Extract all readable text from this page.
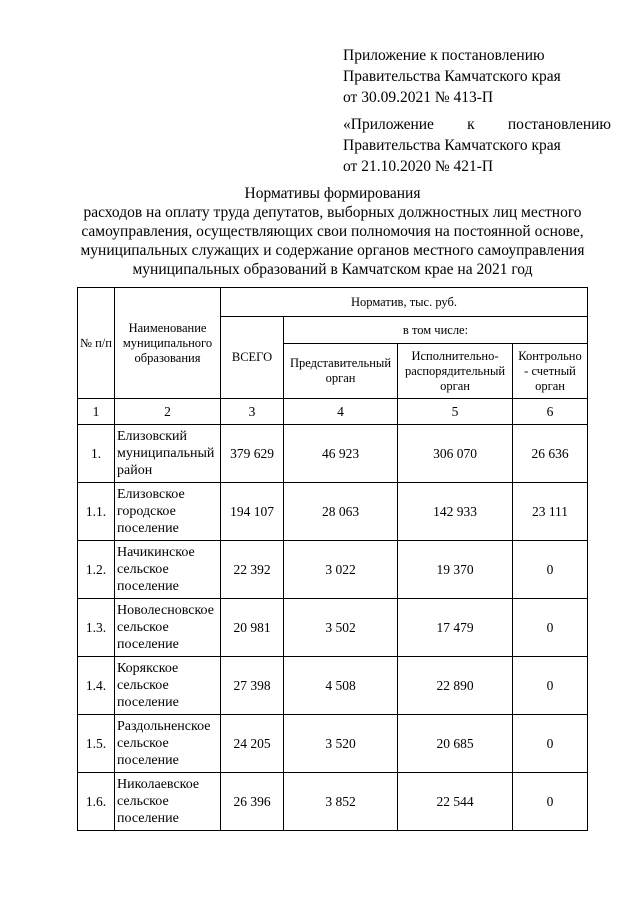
Приложение к постановлению
Правительства Камчатского края
от 30.09.2021 № 413-П
«Приложение к постановлению
Правительства Камчатского края
от 21.10.2020 № 421-П
Нормативы формирования
расходов на оплату труда депутатов, выборных должностных лиц местного
самоуправления, осуществляющих свои полномочия на постоянной основе,
муниципальных служащих и содержание органов местного самоуправления
муниципальных образований в Камчатском крае на 2021 год
№ п/п	Наименование муниципального образования	Норматив, тыс. руб.			
		ВСЕГО	в том числе:		
			Представительный орган	Исполнительно-распорядительный орган	Контрольно - счетный орган
1	2	3	4	5	6
1.	Елизовский муниципальный район	379 629	46 923	306 070	26 636
1.1.	Елизовское городское поселение	194 107	28 063	142 933	23 111
1.2.	Начикинское сельское поселение	22 392	3 022	19 370	0
1.3.	Новолесновское сельское поселение	20 981	3 502	17 479	0
1.4.	Корякское сельское поселение	27 398	4 508	22 890	0
1.5.	Раздольненское сельское поселение	24 205	3 520	20 685	0
1.6.	Николаевское сельское поселение	26 396	3 852	22 544	0
